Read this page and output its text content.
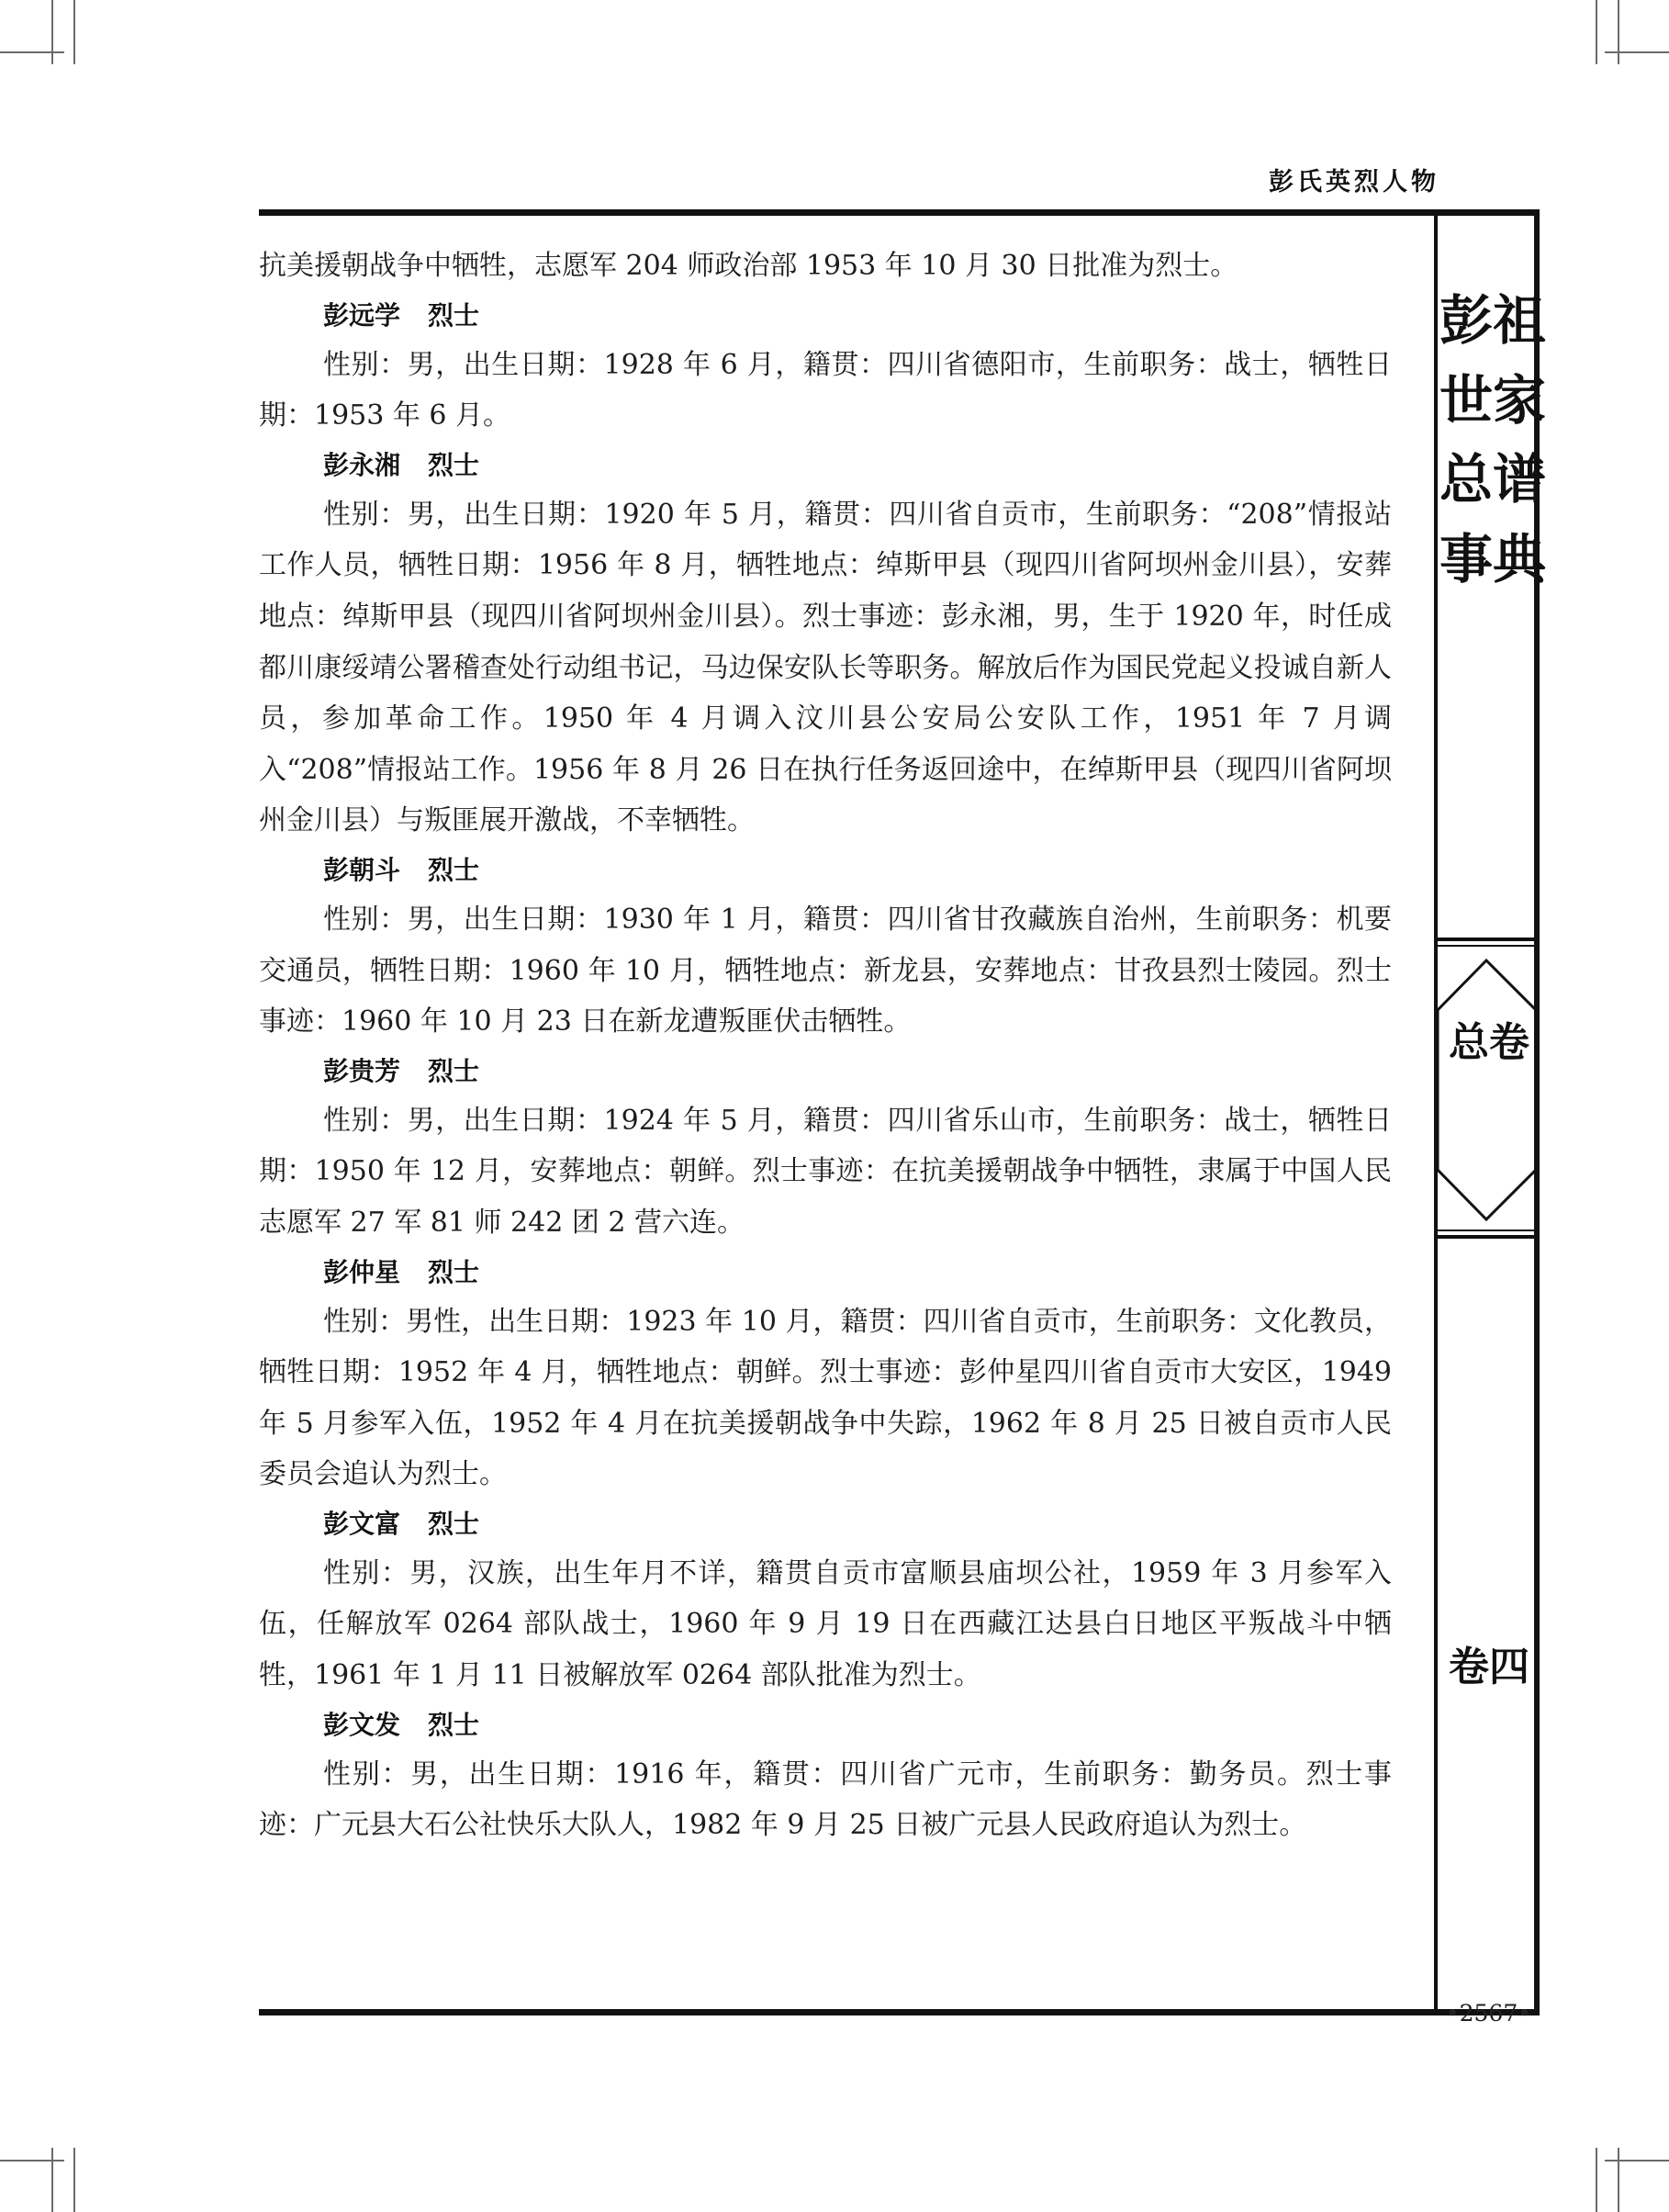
彭氏英烈人物
彭祖世家总谱事典
总卷
卷四

抗美援朝战争中牺牲，志愿军 204 师政治部 1953 年 10 月 30 日批准为烈士。

彭远学 烈士

性别：男，出生日期：1928 年 6 月，籍贯：四川省德阳市，生前职务：战士，牺牲日期：1953 年 6 月。

彭永湘 烈士

性别：男，出生日期：1920 年 5 月，籍贯：四川省自贡市，生前职务：“208”情报站工作人员，牺牲日期：1956 年 8 月，牺牲地点：绰斯甲县（现四川省阿坝州金川县），安葬地点：绰斯甲县（现四川省阿坝州金川县）。烈士事迹：彭永湘，男，生于 1920 年，时任成都川康绥靖公署稽查处行动组书记，马边保安队长等职务。解放后作为国民党起义投诚自新人员，参加革命工作。1950 年 4 月调入汶川县公安局公安队工作，1951 年 7 月调入“208”情报站工作。1956 年 8 月 26 日在执行任务返回途中，在绰斯甲县（现四川省阿坝州金川县）与叛匪展开激战，不幸牺牲。

彭朝斗 烈士

性别：男，出生日期：1930 年 1 月，籍贯：四川省甘孜藏族自治州，生前职务：机要交通员，牺牲日期：1960 年 10 月，牺牲地点：新龙县，安葬地点：甘孜县烈士陵园。烈士事迹：1960 年 10 月 23 日在新龙遭叛匪伏击牺牲。

彭贵芳 烈士

性别：男，出生日期：1924 年 5 月，籍贯：四川省乐山市，生前职务：战士，牺牲日期：1950 年 12 月，安葬地点：朝鲜。烈士事迹：在抗美援朝战争中牺牲，隶属于中国人民志愿军 27 军 81 师 242 团 2 营六连。

彭仲星 烈士

性别：男性，出生日期：1923 年 10 月，籍贯：四川省自贡市，生前职务：文化教员，牺牲日期：1952 年 4 月，牺牲地点：朝鲜。烈士事迹：彭仲星四川省自贡市大安区，1949 年 5 月参军入伍，1952 年 4 月在抗美援朝战争中失踪，1962 年 8 月 25 日被自贡市人民委员会追认为烈士。

彭文富 烈士

性别：男，汉族，出生年月不详，籍贯自贡市富顺县庙坝公社，1959 年 3 月参军入伍，任解放军 0264 部队战士，1960 年 9 月 19 日在西藏江达县白日地区平叛战斗中牺牲，1961 年 1 月 11 日被解放军 0264 部队批准为烈士。

彭文发 烈士

性别：男，出生日期：1916 年，籍贯：四川省广元市，生前职务：勤务员。烈士事迹：广元县大石公社快乐大队人，1982 年 9 月 25 日被广元县人民政府追认为烈士。

•2567•
